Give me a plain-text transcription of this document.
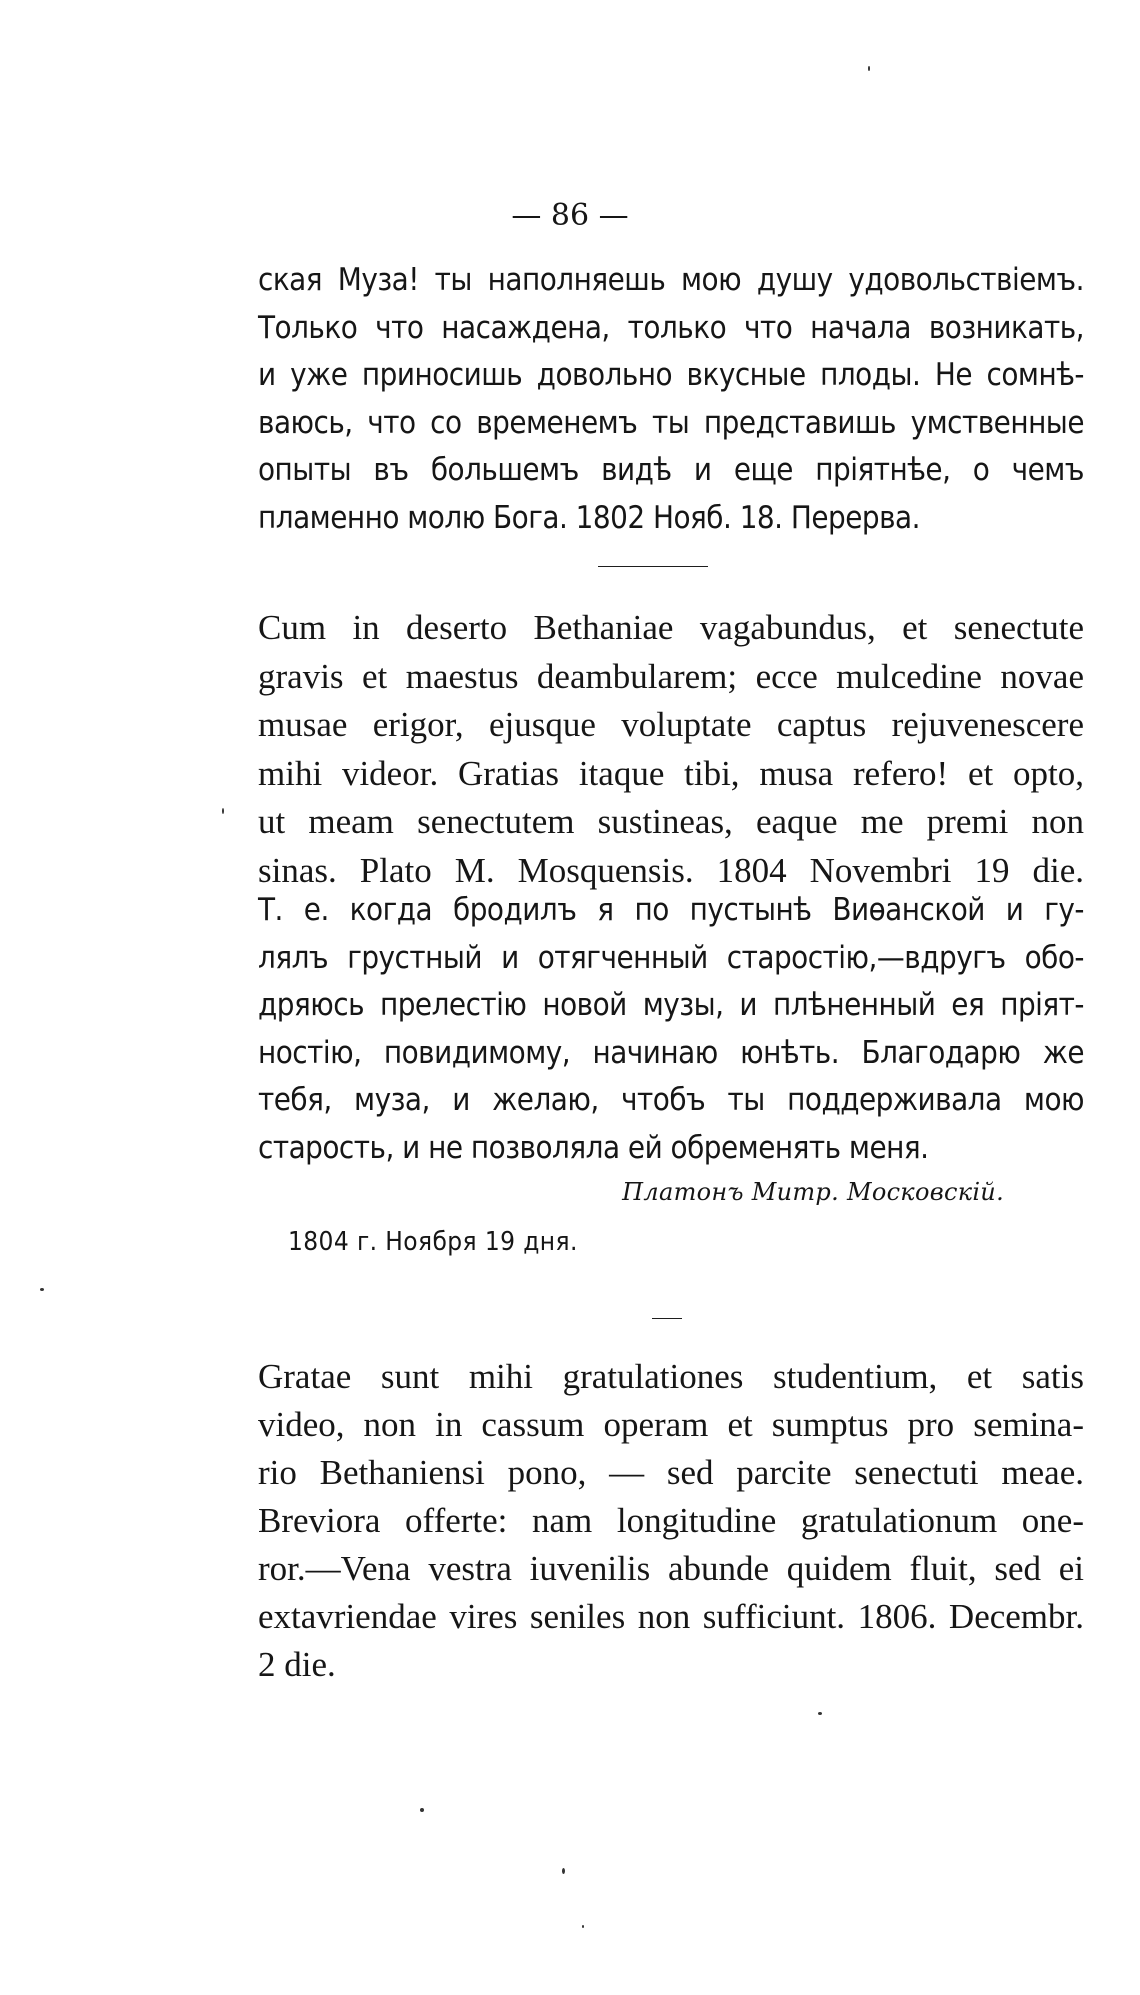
— 86 —
ская Муза! ты наполняешь мою душу удовольствіемъ.
Только что насаждена, только что начала возникать,
и уже приносишь довольно вкусные плоды. Не сомнѣ-
ваюсь, что со временемъ ты представишь умственные
опыты въ большемъ видѣ и еще пріятнѣе, о чемъ
пламенно молю Бога. 1802 Нояб. 18. Перерва.
Cum in deserto Bethaniae vagabundus, et senectute
gravis et maestus deambularem; ecce mulcedine novae
musae erigor, ejusque voluptate captus rejuvenescere
mihi videor. Gratias itaque tibi, musa refero! et opto,
ut meam senectutem sustineas, eaque me premi non
sinas. Plato M. Mosquensis. 1804 Novembri 19 die.
Т. е. когда бродилъ я по пустынѣ Виѳанской и гу-
лялъ грустный и отягченный старостію,—вдругъ обо-
дряюсь прелестію новой музы, и плѣненный ея пріят-
ностію, повидимому, начинаю юнѣть. Благодарю же
тебя, муза, и желаю, чтобъ ты поддерживала мою
старость, и не позволяла ей обременять меня.
Платонъ Митр. Московскій.
1804 г. Ноября 19 дня.
Gratae sunt mihi gratulationes studentium, et satis
video, non in cassum operam et sumptus pro semina-
rio Bethaniensi pono, — sed parcite senectuti meae.
Breviora offerte: nam longitudine gratulationum one-
ror.—Vena vestra iuvenilis abunde quidem fluit, sed ei
extavriendae vires seniles non sufficiunt. 1806. Decembr.
2 die.
